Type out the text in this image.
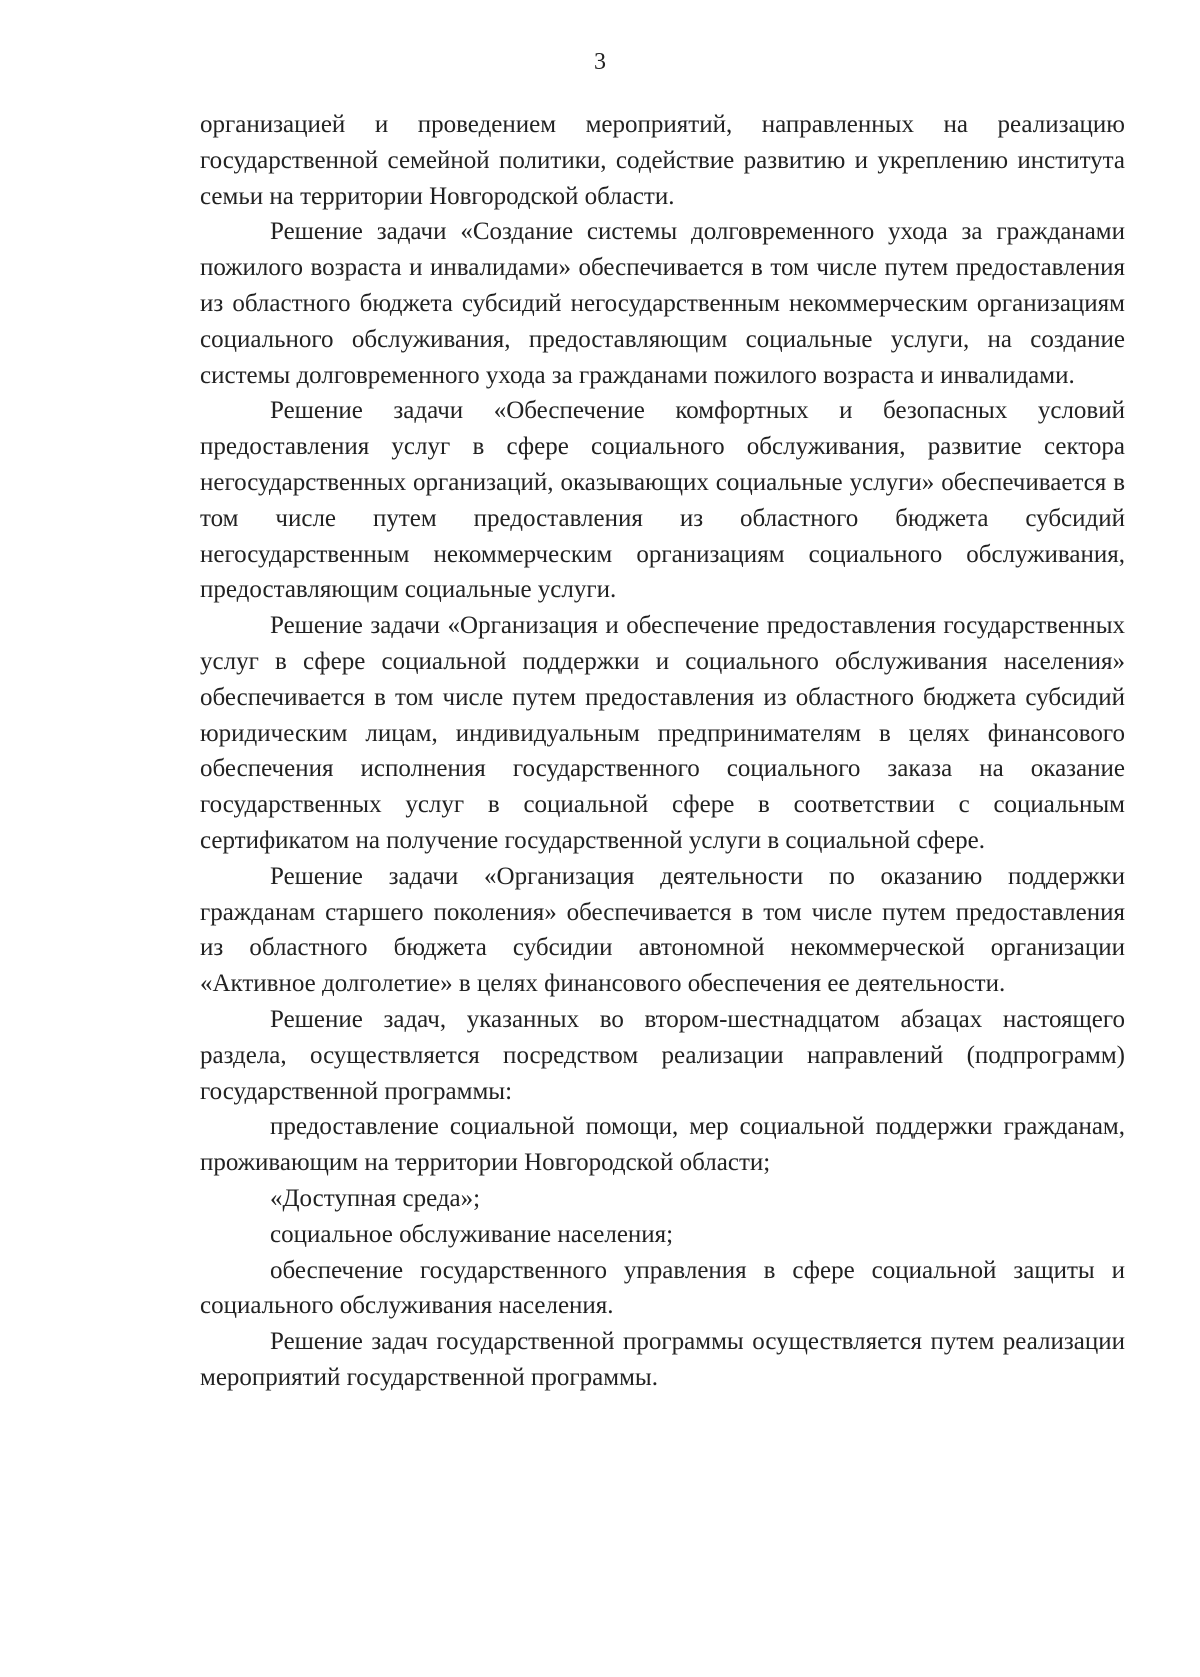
3

организацией и проведением мероприятий, направленных на реализацию государственной семейной политики, содействие развитию и укреплению института семьи на территории Новгородской области.

Решение задачи «Создание системы долговременного ухода за гражданами пожилого возраста и инвалидами» обеспечивается в том числе путем предоставления из областного бюджета субсидий негосударственным некоммерческим организациям социального обслуживания, предоставляющим социальные услуги, на создание системы долговременного ухода за гражданами пожилого возраста и инвалидами.

Решение задачи «Обеспечение комфортных и безопасных условий предоставления услуг в сфере социального обслуживания, развитие сектора негосударственных организаций, оказывающих социальные услуги» обеспечивается в том числе путем предоставления из областного бюджета субсидий негосударственным некоммерческим организациям социального обслуживания, предоставляющим социальные услуги.

Решение задачи «Организация и обеспечение предоставления государственных услуг в сфере социальной поддержки и социального обслуживания населения» обеспечивается в том числе путем предоставления из областного бюджета субсидий юридическим лицам, индивидуальным предпринимателям в целях финансового обеспечения исполнения государственного социального заказа на оказание государственных услуг в социальной сфере в соответствии с социальным сертификатом на получение государственной услуги в социальной сфере.

Решение задачи «Организация деятельности по оказанию поддержки гражданам старшего поколения» обеспечивается в том числе путем предоставления из областного бюджета субсидии автономной некоммерческой организации «Активное долголетие» в целях финансового обеспечения ее деятельности.

Решение задач, указанных во втором-шестнадцатом абзацах настоящего раздела, осуществляется посредством реализации направлений (подпрограмм) государственной программы:

предоставление социальной помощи, мер социальной поддержки гражданам, проживающим на территории Новгородской области;

«Доступная среда»;

социальное обслуживание населения;

обеспечение государственного управления в сфере социальной защиты и социального обслуживания населения.

Решение задач государственной программы осуществляется путем реализации мероприятий государственной программы.
